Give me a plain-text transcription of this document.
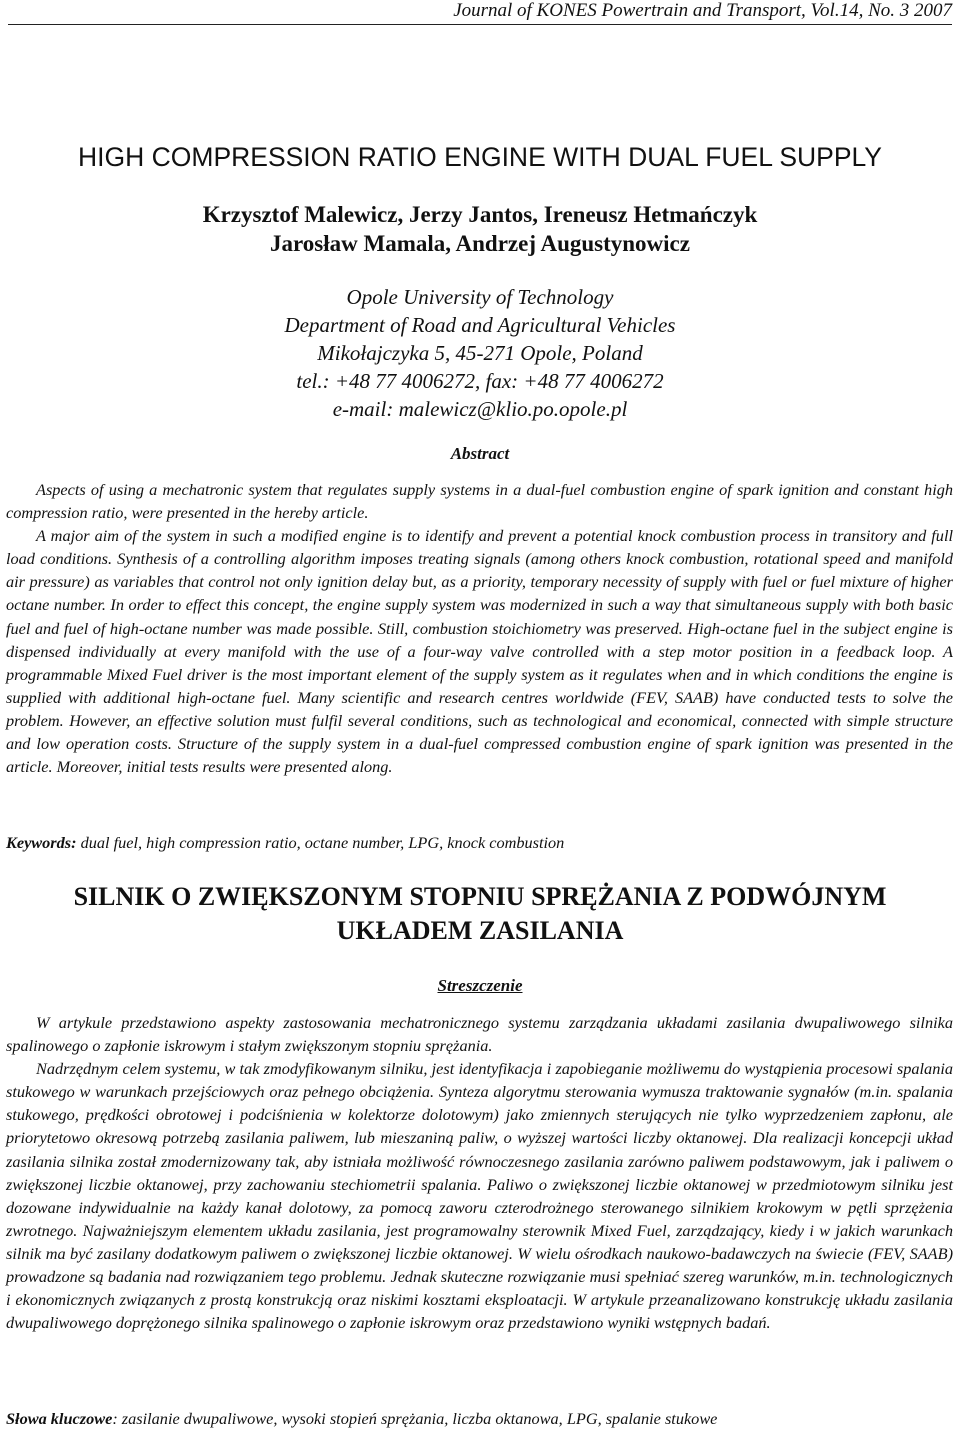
Journal of KONES Powertrain and Transport, Vol.14, No. 3 2007
HIGH COMPRESSION RATIO ENGINE WITH DUAL FUEL SUPPLY
Krzysztof Malewicz, Jerzy Jantos, Ireneusz Hetmańczyk
Jarosław Mamala, Andrzej Augustynowicz
Opole University of Technology
Department of Road and Agricultural Vehicles
Mikołajczyka 5, 45-271 Opole, Poland
tel.: +48 77 4006272, fax: +48 77 4006272
e-mail: malewicz@klio.po.opole.pl
Abstract

Aspects of using a mechatronic system that regulates supply systems in a dual-fuel combustion engine of spark ignition and constant high compression ratio, were presented in the hereby article.

A major aim of the system in such a modified engine is to identify and prevent a potential knock combustion process in transitory and full load conditions. Synthesis of a controlling algorithm imposes treating signals (among others knock combustion, rotational speed and manifold air pressure) as variables that control not only ignition delay but, as a priority, temporary necessity of supply with fuel or fuel mixture of higher octane number. In order to effect this concept, the engine supply system was modernized in such a way that simultaneous supply with both basic fuel and fuel of high-octane number was made possible. Still, combustion stoichiometry was preserved. High-octane fuel in the subject engine is dispensed individually at every manifold with the use of a four-way valve controlled with a step motor position in a feedback loop. A programmable Mixed Fuel driver is the most important element of the supply system as it regulates when and in which conditions the engine is supplied with additional high-octane fuel. Many scientific and research centres worldwide (FEV, SAAB) have conducted tests to solve the problem. However, an effective solution must fulfil several conditions, such as technological and economical, connected with simple structure and low operation costs. Structure of the supply system in a dual-fuel compressed combustion engine of spark ignition was presented in the article. Moreover, initial tests results were presented along.

Keywords: dual fuel, high compression ratio, octane number, LPG, knock combustion

SILNIK O ZWIĘKSZONYM STOPNIU SPRĘŻANIA Z PODWÓJNYM
UKŁADEM ZASILANIA
Streszczenie

W artykule przedstawiono aspekty zastosowania mechatronicznego systemu zarządzania układami zasilania dwupaliwowego silnika spalinowego o zapłonie iskrowym i stałym zwiększonym stopniu sprężania.

Nadrzędnym celem systemu, w tak zmodyfikowanym silniku, jest identyfikacja i zapobieganie możliwemu do wystąpienia procesowi spalania stukowego w warunkach przejściowych oraz pełnego obciążenia. Synteza algorytmu sterowania wymusza traktowanie sygnałów (m.in. spalania stukowego, prędkości obrotowej i podciśnienia w kolektorze dolotowym) jako zmiennych sterujących nie tylko wyprzedzeniem zapłonu, ale priorytetowo okresową potrzebą zasilania paliwem, lub mieszaniną paliw, o wyższej wartości liczby oktanowej. Dla realizacji koncepcji układ zasilania silnika został zmodernizowany tak, aby istniała możliwość równoczesnego zasilania zarówno paliwem podstawowym, jak i paliwem o zwiększonej liczbie oktanowej, przy zachowaniu stechiometrii spalania. Paliwo o zwiększonej liczbie oktanowej w przedmiotowym silniku jest dozowane indywidualnie na każdy kanał dolotowy, za pomocą zaworu czterodrożnego sterowanego silnikiem krokowym w pętli sprzężenia zwrotnego. Najważniejszym elementem układu zasilania, jest programowalny sterownik Mixed Fuel, zarządzający, kiedy i w jakich warunkach silnik ma być zasilany dodatkowym paliwem o zwiększonej liczbie oktanowej. W wielu ośrodkach naukowo-badawczych na świecie (FEV, SAAB) prowadzone są badania nad rozwiązaniem tego problemu. Jednak skuteczne rozwiązanie musi spełniać szereg warunków, m.in. technologicznych i ekonomicznych związanych z prostą konstrukcją oraz niskimi kosztami eksploatacji. W artykule przeanalizowano konstrukcję układu zasilania dwupaliwowego doprężonego silnika spalinowego o zapłonie iskrowym oraz przedstawiono wyniki wstępnych badań.

Słowa kluczowe: zasilanie dwupaliwowe, wysoki stopień sprężania, liczba oktanowa, LPG, spalanie stukowe
